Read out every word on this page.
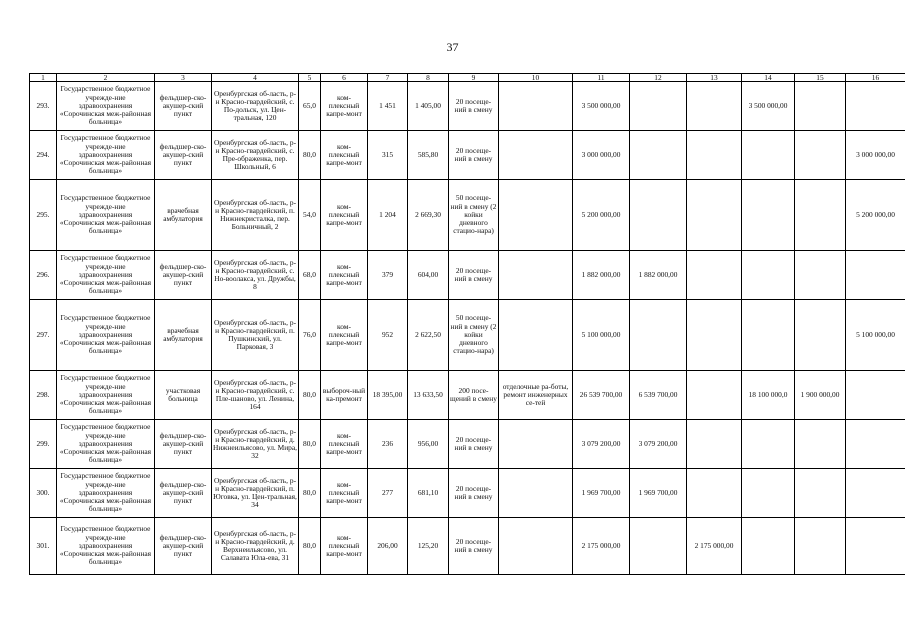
37
1	2	3	4	5	6	7	8	9	10	11	12	13	14	15	16
293.	Государственное бюджетное учрежде-ние здравоохранения «Сорочинская меж-районная больница»	фельдшер-ско-акушер-ский пункт	Оренбургская об-ласть, р-н Красно-гвардейский, с. По-дольск, ул. Цен-тральная, 120	65,0	ком-плексный капре-монт	1 451	1 405,00	20 посеще-ний в смену		3 500 000,00			3 500 000,00		
294.	Государственное бюджетное учрежде-ние здравоохранения «Сорочинская меж-районная больница»	фельдшер-ско-акушер-ский пункт	Оренбургская об-ласть, р-н Красно-гвардейский, с. Пре-ображенка, пер. Школьный, 6	80,0	ком-плексный капре-монт	315	585,80	20 посеще-ний в смену		3 000 000,00					3 000 000,00
295.	Государственное бюджетное учрежде-ние здравоохранения «Сорочинская меж-районная больница»	врачебная амбулатория	Оренбургская об-ласть, р-н Красно-гвардейский, п. Нижнекристалка, пер. Больничный, 2	54,0	ком-плексный капре-монт	1 204	2 669,30	50 посеще-ний в смену (2 койки дневного стацио-нара)		5 200 000,00					5 200 000,00
296.	Государственное бюджетное учрежде-ние здравоохранения «Сорочинская меж-районная больница»	фельдшер-ско-акушер-ский пункт	Оренбургская об-ласть, р-н Красно-гвардейский, с. Но-воолакса, ул. Дружбы, 8	68,0	ком-плексный капре-монт	379	604,00	20 посеще-ний в смену		1 882 000,00	1 882 000,00				
297.	Государственное бюджетное учрежде-ние здравоохранения «Сорочинская меж-районная больница»	врачебная амбулатория	Оренбургская об-ласть, р-н Красно-гвардейский, п. Пушкинский, ул. Парковая, 3	76,0	ком-плексный капре-монт	952	2 622,50	50 посеще-ний в смену (2 койки дневного стацио-нара)		5 100 000,00					5 100 000,00
298.	Государственное бюджетное учрежде-ние здравоохранения «Сорочинская меж-районная больница»	участковая больница	Оренбургская об-ласть, р-н Красно-гвардейский, с. Пле-шаново, ул. Ленина, 164	80,0	выбороч-ный ка-премонт	18 395,00	13 633,50	200 посе-щений в смену	отделочные ра-боты, ремонт инженерных се-тей	26 539 700,00	6 539 700,00		18 100 000,0	1 900 000,00	
299.	Государственное бюджетное учрежде-ние здравоохранения «Сорочинская меж-районная больница»	фельдшер-ско-акушер-ский пункт	Оренбургская об-ласть, р-н Красно-гвардейский, д. Нижнеильясово, ул. Мира, 32	80,0	ком-плексный капре-монт	236	956,00	20 посеще-ний в смену		3 079 200,00	3 079 200,00				
300.	Государственное бюджетное учрежде-ние здравоохранения «Сорочинская меж-районная больница»	фельдшер-ско-акушер-ский пункт	Оренбургская об-ласть, р-н Красно-гвардейский, п. Юговка, ул. Цен-тральная, 34	80,0	ком-плексный капре-монт	277	681,10	20 посеще-ний в смену		1 969 700,00	1 969 700,00				
301.	Государственное бюджетное учрежде-ние здравоохранения «Сорочинская меж-районная больница»	фельдшер-ско-акушер-ский пункт	Оренбургская об-ласть, р-н Красно-гвардейский, д. Верхнеильясово, ул. Салавата Юла-ева, 31	80,0	ком-плексный капре-монт	206,00	125,20	20 посеще-ний в смену		2 175 000,00		2 175 000,00			
